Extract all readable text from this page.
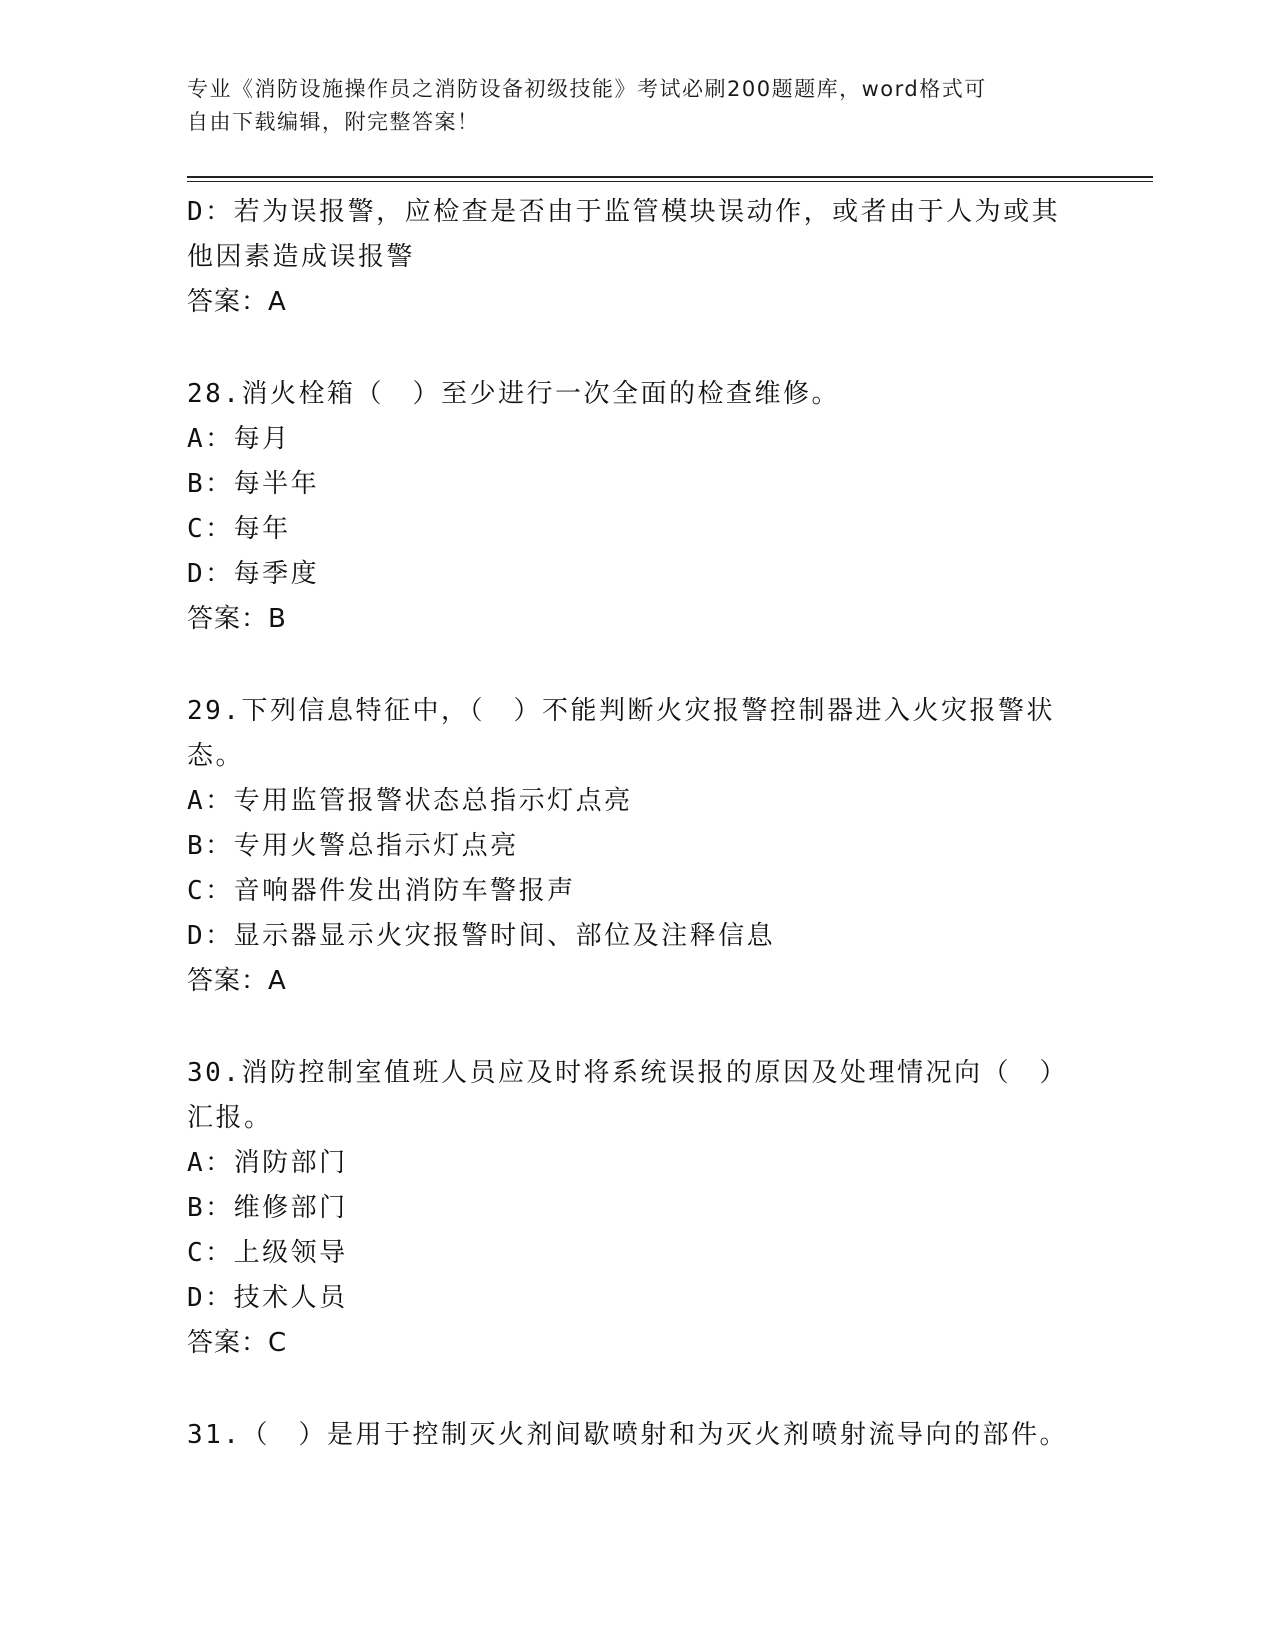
专业《消防设施操作员之消防设备初级技能》考试必刷200题题库，word格式可
自由下载编辑，附完整答案！
D：若为误报警，应检查是否由于监管模块误动作，或者由于人为或其
他因素造成误报警
答案：A
28.消火栓箱（　）至少进行一次全面的检查维修。
A：每月
B：每半年
C：每年
D：每季度
答案：B
29.下列信息特征中，（　）不能判断火灾报警控制器进入火灾报警状
态。
A：专用监管报警状态总指示灯点亮
B：专用火警总指示灯点亮
C：音响器件发出消防车警报声
D：显示器显示火灾报警时间、部位及注释信息
答案：A
30.消防控制室值班人员应及时将系统误报的原因及处理情况向（　）
汇报。
A：消防部门
B：维修部门
C：上级领导
D：技术人员
答案：C
31.（　）是用于控制灭火剂间歇喷射和为灭火剂喷射流导向的部件。
